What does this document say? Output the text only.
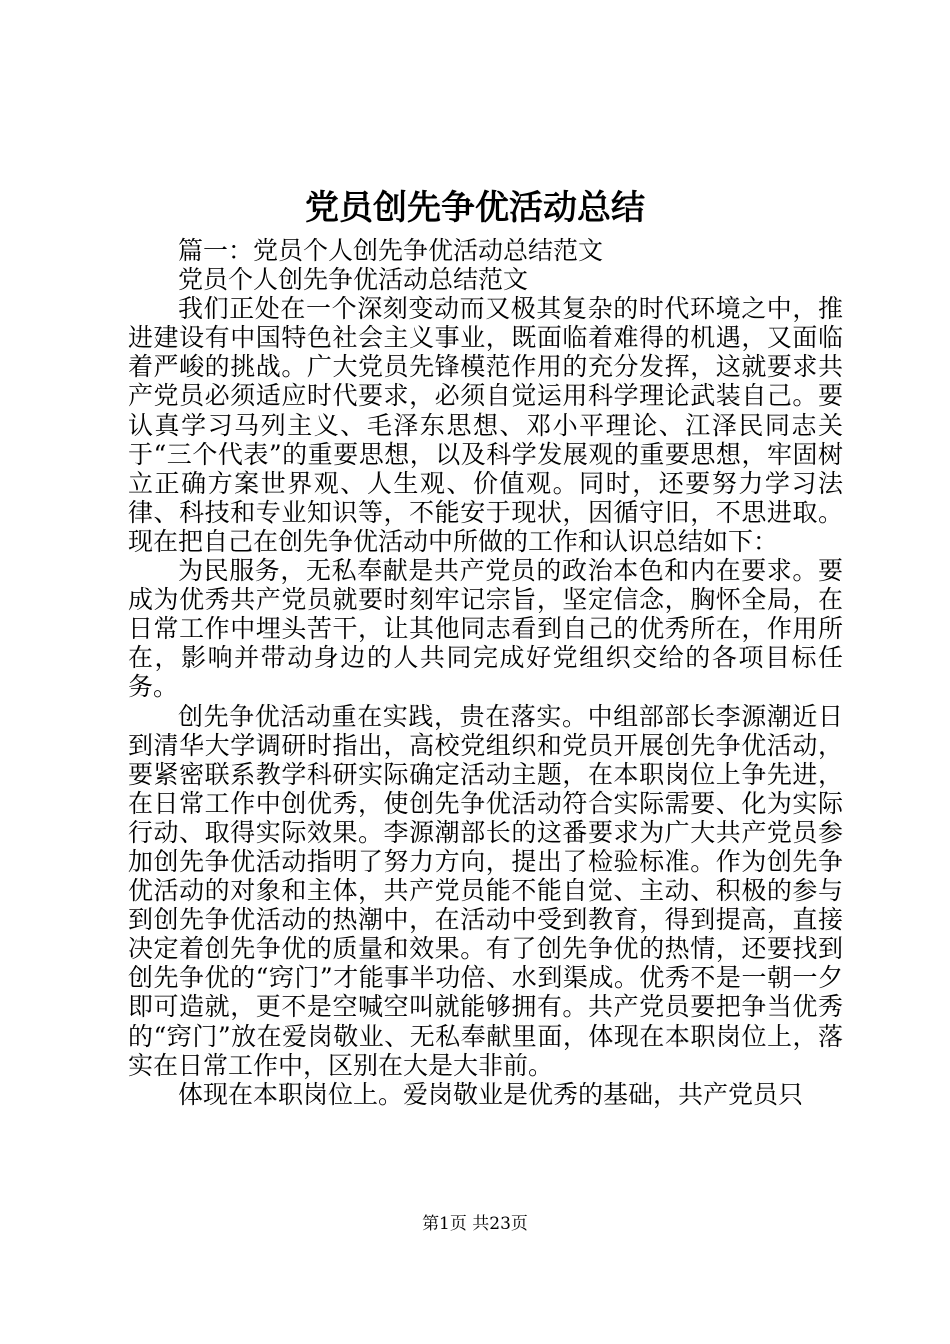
党员创先争优活动总结

篇一：党员个人创先争优活动总结范文

党员个人创先争优活动总结范文

我们正处在一个深刻变动而又极其复杂的时代环境之中，推进建设有中国特色社会主义事业，既面临着难得的机遇，又面临着严峻的挑战。广大党员先锋模范作用的充分发挥，这就要求共产党员必须适应时代要求，必须自觉运用科学理论武装自己。要认真学习马列主义、毛泽东思想、邓小平理论、江泽民同志关于“三个代表”的重要思想，以及科学发展观的重要思想，牢固树立正确方案世界观、人生观、价值观。同时，还要努力学习法律、科技和专业知识等，不能安于现状，因循守旧，不思进取。现在把自己在创先争优活动中所做的工作和认识总结如下：

为民服务，无私奉献是共产党员的政治本色和内在要求。要成为优秀共产党员就要时刻牢记宗旨，坚定信念，胸怀全局，在日常工作中埋头苦干，让其他同志看到自己的优秀所在，作用所在，影响并带动身边的人共同完成好党组织交给的各项目标任务。

创先争优活动重在实践，贵在落实。中组部部长李源潮近日到清华大学调研时指出，高校党组织和党员开展创先争优活动，要紧密联系教学科研实际确定活动主题，在本职岗位上争先进，在日常工作中创优秀，使创先争优活动符合实际需要、化为实际行动、取得实际效果。李源潮部长的这番要求为广大共产党员参加创先争优活动指明了努力方向，提出了检验标准。作为创先争优活动的对象和主体，共产党员能不能自觉、主动、积极的参与到创先争优活动的热潮中，在活动中受到教育，得到提高，直接决定着创先争优的质量和效果。有了创先争优的热情，还要找到创先争优的“窍门”才能事半功倍、水到渠成。优秀不是一朝一夕即可造就，更不是空喊空叫就能够拥有。共产党员要把争当优秀的“窍门”放在爱岗敬业、无私奉献里面，体现在本职岗位上，落实在日常工作中，区别在大是大非前。

体现在本职岗位上。爱岗敬业是优秀的基础，共产党员只

第1页 共23页
